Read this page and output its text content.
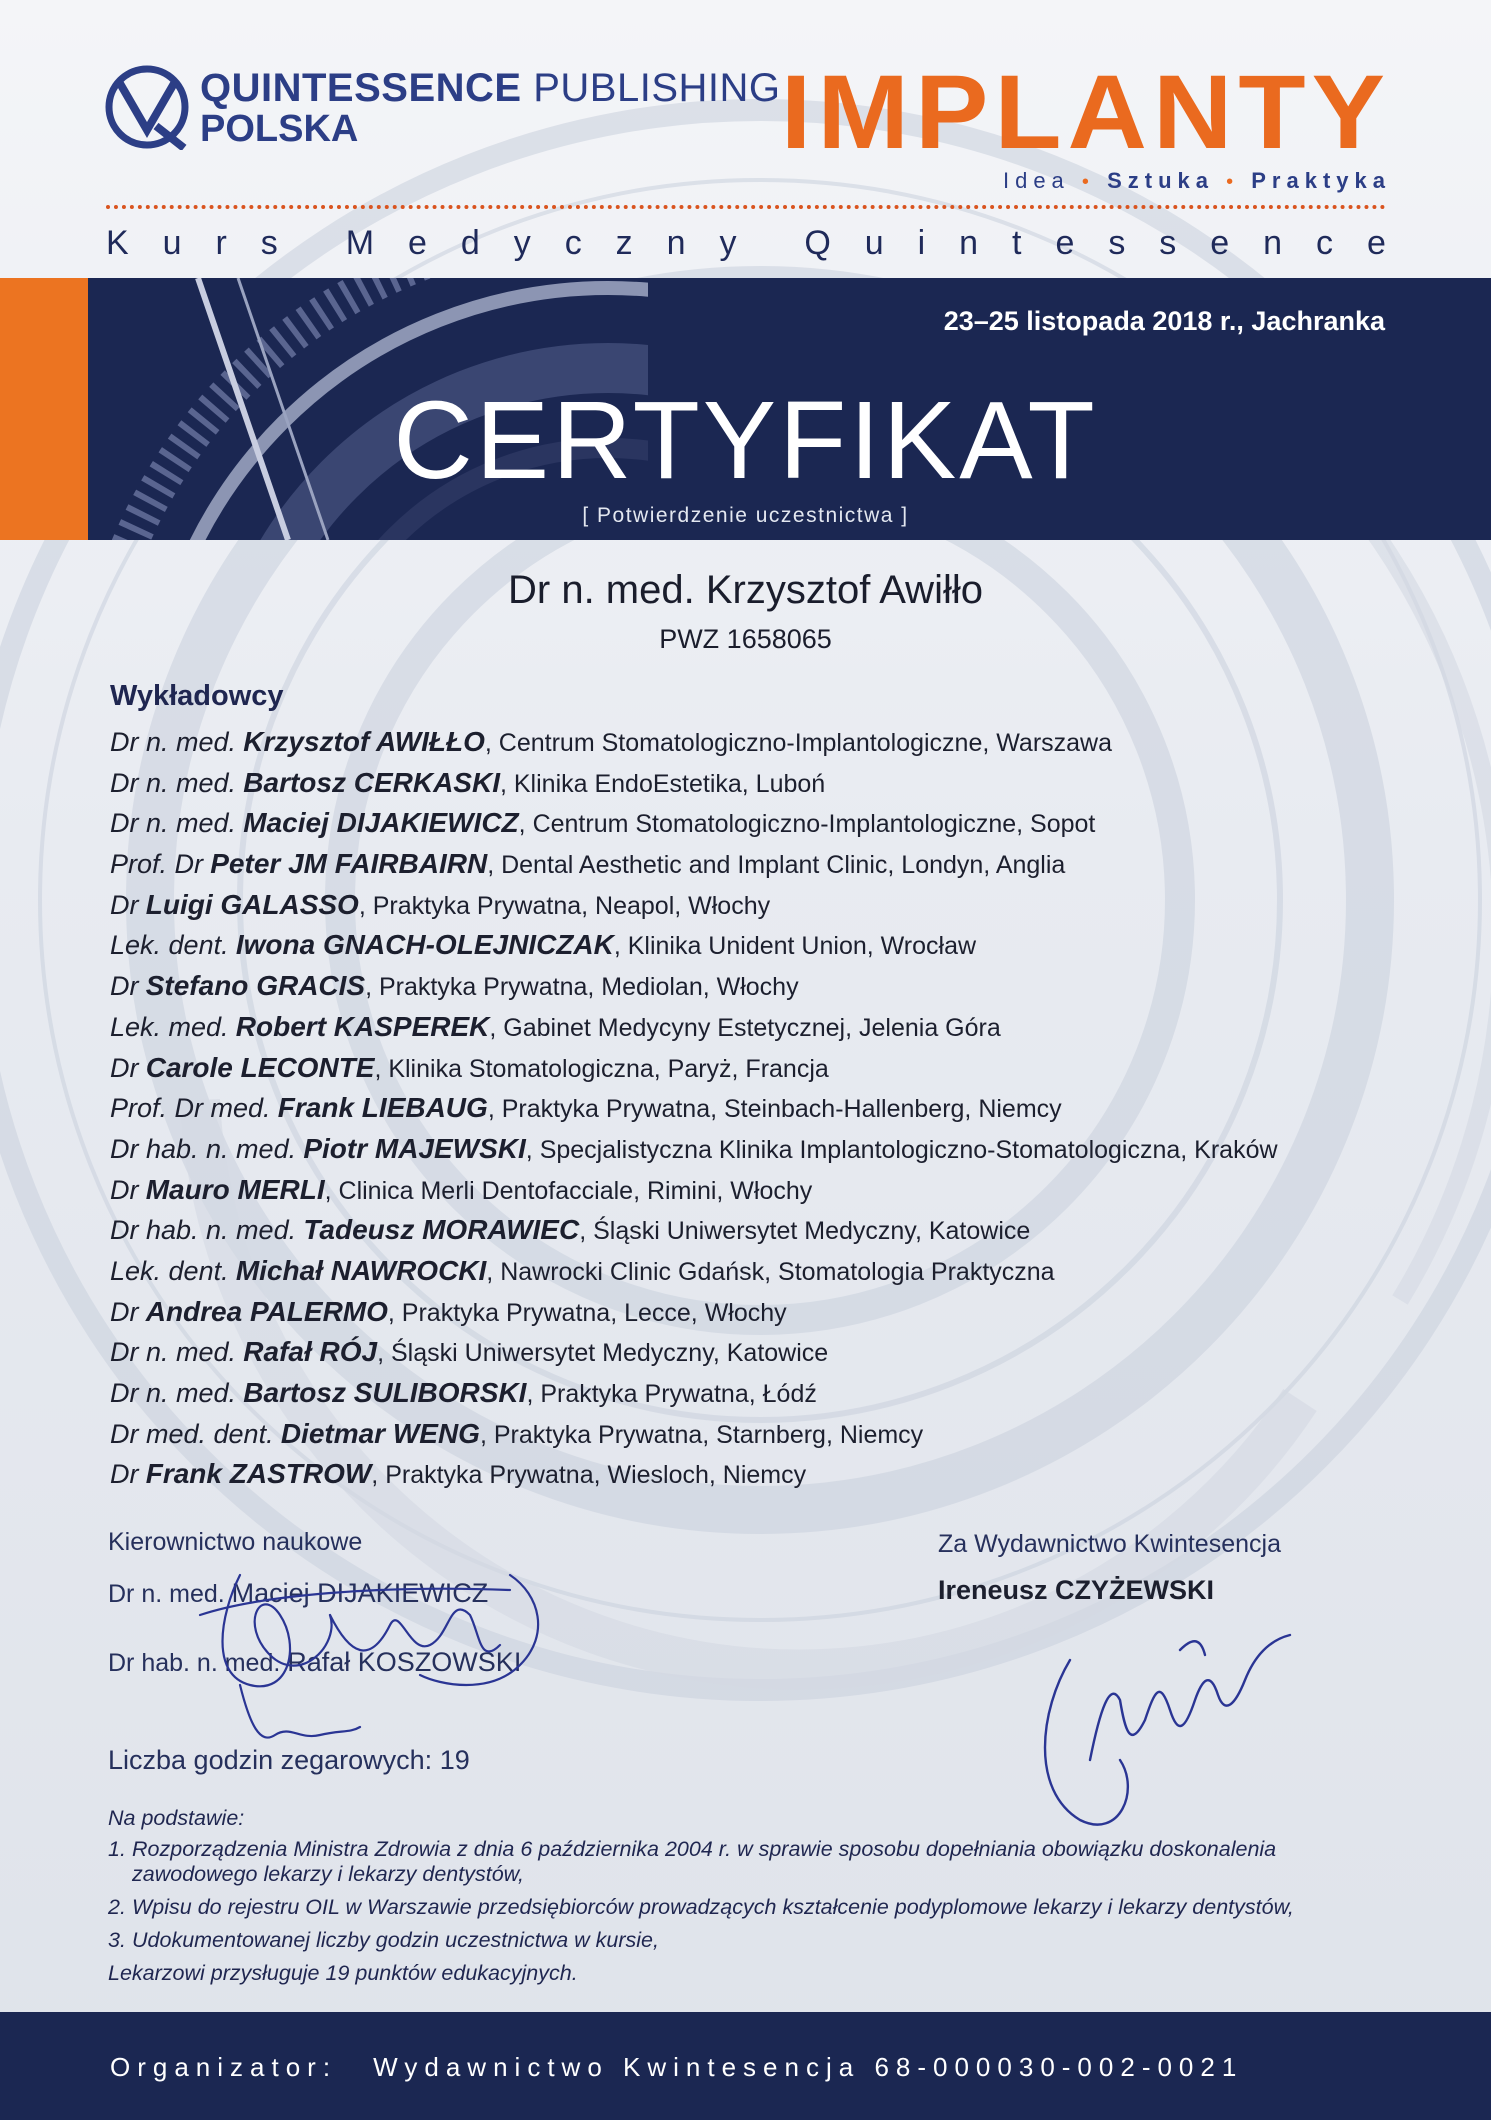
QUINTESSENCE PUBLISHING
POLSKA	IMPLANTY
Idea • Sztuka • Praktyka
K u r s M e d y c z n y Q u i n t e s s e n c e
23–25 listopada 2018 r., Jachranka
CERTYFIKAT
[ Potwierdzenie uczestnictwa ]
Dr n. med. Krzysztof Awiłło
PWZ 1658065
Wykładowcy
Dr n. med. Krzysztof AWIŁŁO, Centrum Stomatologiczno-Implantologiczne, Warszawa
Dr n. med. Bartosz CERKASKI, Klinika EndoEstetika, Luboń
Dr n. med. Maciej DIJAKIEWICZ, Centrum Stomatologiczno-Implantologiczne, Sopot
Prof. Dr Peter JM FAIRBAIRN, Dental Aesthetic and Implant Clinic, Londyn, Anglia
Dr Luigi GALASSO, Praktyka Prywatna, Neapol, Włochy
Lek. dent. Iwona GNACH-OLEJNICZAK, Klinika Unident Union, Wrocław
Dr Stefano GRACIS, Praktyka Prywatna, Mediolan, Włochy
Lek. med. Robert KASPEREK, Gabinet Medycyny Estetycznej, Jelenia Góra
Dr Carole LECONTE, Klinika Stomatologiczna, Paryż, Francja
Prof. Dr med. Frank LIEBAUG, Praktyka Prywatna, Steinbach-Hallenberg, Niemcy
Dr hab. n. med. Piotr MAJEWSKI, Specjalistyczna Klinika Implantologiczno-Stomatologiczna, Kraków
Dr Mauro MERLI, Clinica Merli Dentofacciale, Rimini, Włochy
Dr hab. n. med. Tadeusz MORAWIEC, Śląski Uniwersytet Medyczny, Katowice
Lek. dent. Michał NAWROCKI, Nawrocki Clinic Gdańsk, Stomatologia Praktyczna
Dr Andrea PALERMO, Praktyka Prywatna, Lecce, Włochy
Dr n. med. Rafał RÓJ, Śląski Uniwersytet Medyczny, Katowice
Dr n. med. Bartosz SULIBORSKI, Praktyka Prywatna, Łódź
Dr med. dent. Dietmar WENG, Praktyka Prywatna, Starnberg, Niemcy
Dr Frank ZASTROW, Praktyka Prywatna, Wiesloch, Niemcy
Kierownictwo naukowe
Dr n. med. Maciej DIJAKIEWICZ
Dr hab. n. med. Rafał KOSZOWSKI
Liczba godzin zegarowych: 19
Za Wydawnictwo Kwintesencja
Ireneusz CZYŻEWSKI
Na podstawie:
1. Rozporządzenia Ministra Zdrowia z dnia 6 października 2004 r. w sprawie sposobu dopełniania obowiązku doskonalenia zawodowego lekarzy i lekarzy dentystów,
2. Wpisu do rejestru OIL w Warszawie przedsiębiorców prowadzących kształcenie podyplomowe lekarzy i lekarzy dentystów,
3. Udokumentowanej liczby godzin uczestnictwa w kursie,
Lekarzowi przysługuje 19 punktów edukacyjnych.
Organizator: Wydawnictwo Kwintesencja 68-000030-002-0021
